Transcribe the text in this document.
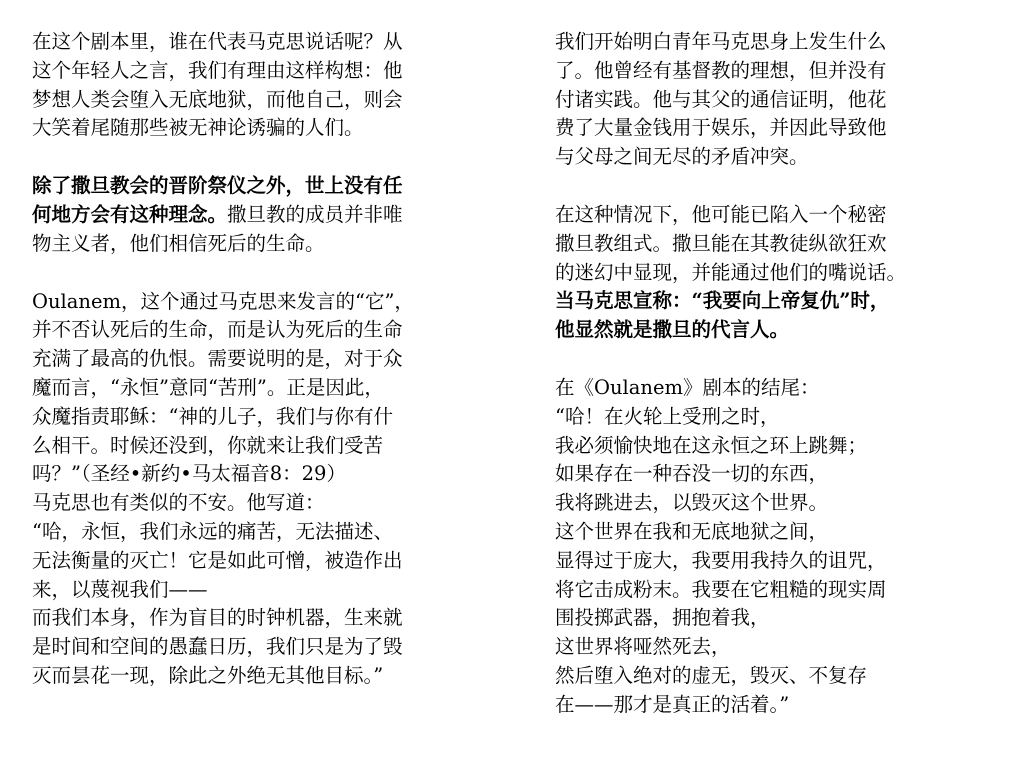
在这个剧本里，谁在代表马克思说话呢？从
这个年轻人之言，我们有理由这样构想：他
梦想人类会堕入无底地狱，而他自己，则会
大笑着尾随那些被无神论诱骗的人们。
除了撒旦教会的晋阶祭仪之外，世上没有任
何地方会有这种理念。撒旦教的成员并非唯
物主义者，他们相信死后的生命。
Oulanem，这个通过马克思来发言的“它”，
并不否认死后的生命，而是认为死后的生命
充满了最高的仇恨。需要说明的是，对于众
魔而言，“永恒”意同“苦刑”。正是因此，
众魔指责耶稣：“神的儿子，我们与你有什
么相干。时候还没到，你就来让我们受苦
吗？”（圣经•新约•马太福音8：29）
马克思也有类似的不安。他写道：
“哈，永恒，我们永远的痛苦，无法描述、
无法衡量的灭亡！它是如此可憎，被造作出
来，以蔑视我们——
而我们本身，作为盲目的时钟机器，生来就
是时间和空间的愚蠢日历，我们只是为了毁
灭而昙花一现，除此之外绝无其他目标。”
我们开始明白青年马克思身上发生什么
了。他曾经有基督教的理想，但并没有
付诸实践。他与其父的通信证明，他花
费了大量金钱用于娱乐，并因此导致他
与父母之间无尽的矛盾冲突。
在这种情况下，他可能已陷入一个秘密
撒旦教组式。撒旦能在其教徒纵欲狂欢
的迷幻中显现，并能通过他们的嘴说话。
当马克思宣称：“我要向上帝复仇”时，
他显然就是撒旦的代言人。
在《Oulanem》剧本的结尾：
“哈！在火轮上受刑之时，
我必须愉快地在这永恒之环上跳舞；
如果存在一种吞没一切的东西，
我将跳进去，以毁灭这个世界。
这个世界在我和无底地狱之间，
显得过于庞大，我要用我持久的诅咒，
将它击成粉末。我要在它粗糙的现实周
围投掷武器，拥抱着我，
这世界将哑然死去，
然后堕入绝对的虚无，毁灭、不复存
在——那才是真正的活着。”
